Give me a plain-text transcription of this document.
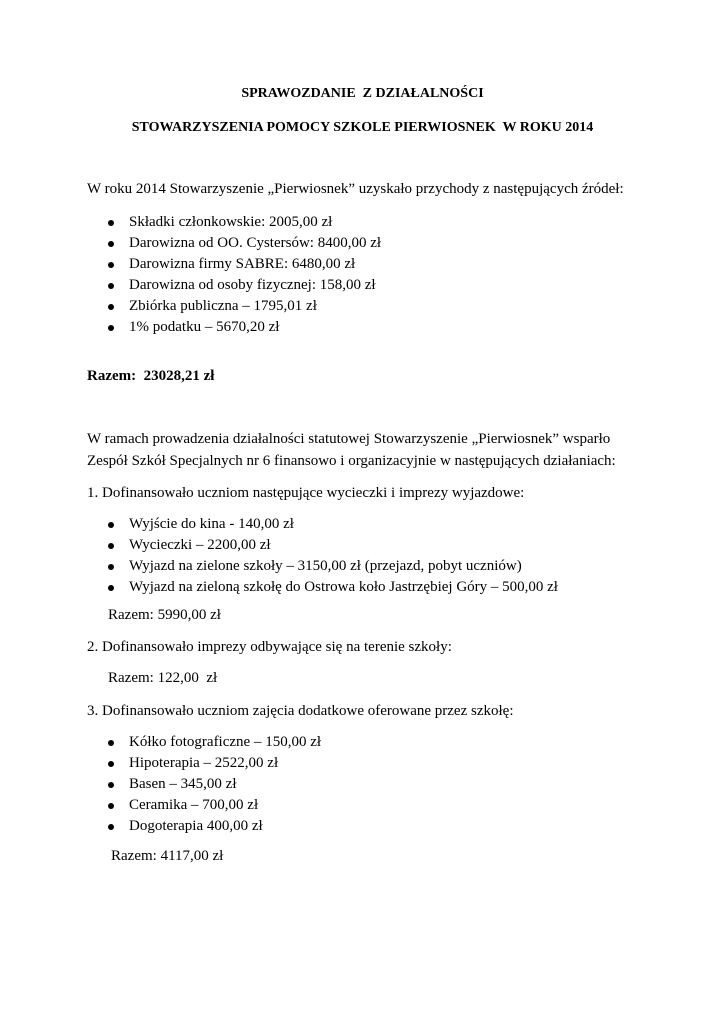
SPRAWOZDANIE  Z DZIAŁALNOŚCI
STOWARZYSZENIA POMOCY SZKOLE PIERWIOSNEK  W ROKU 2014
W roku 2014 Stowarzyszenie „Pierwiosnek” uzyskało przychody z następujących źródeł:
Składki członkowskie: 2005,00 zł
Darowizna od OO. Cystersów: 8400,00 zł
Darowizna firmy SABRE: 6480,00 zł
Darowizna od osoby fizycznej: 158,00 zł
Zbiórka publiczna – 1795,01 zł
1% podatku – 5670,20 zł
Razem:  23028,21 zł
W ramach prowadzenia działalności statutowej Stowarzyszenie „Pierwiosnek” wsparło
Zespół Szkół Specjalnych nr 6 finansowo i organizacyjnie w następujących działaniach:
1. Dofinansowało uczniom następujące wycieczki i imprezy wyjazdowe:
Wyjście do kina - 140,00 zł
Wycieczki – 2200,00 zł
Wyjazd na zielone szkoły – 3150,00 zł (przejazd, pobyt uczniów)
Wyjazd na zieloną szkołę do Ostrowa koło Jastrzębiej Góry – 500,00 zł
Razem: 5990,00 zł
2. Dofinansowało imprezy odbywające się na terenie szkoły:
Razem: 122,00  zł
3. Dofinansowało uczniom zajęcia dodatkowe oferowane przez szkołę:
Kółko fotograficzne – 150,00 zł
Hipoterapia – 2522,00 zł
Basen – 345,00 zł
Ceramika – 700,00 zł
Dogoterapia 400,00 zł
Razem: 4117,00 zł
